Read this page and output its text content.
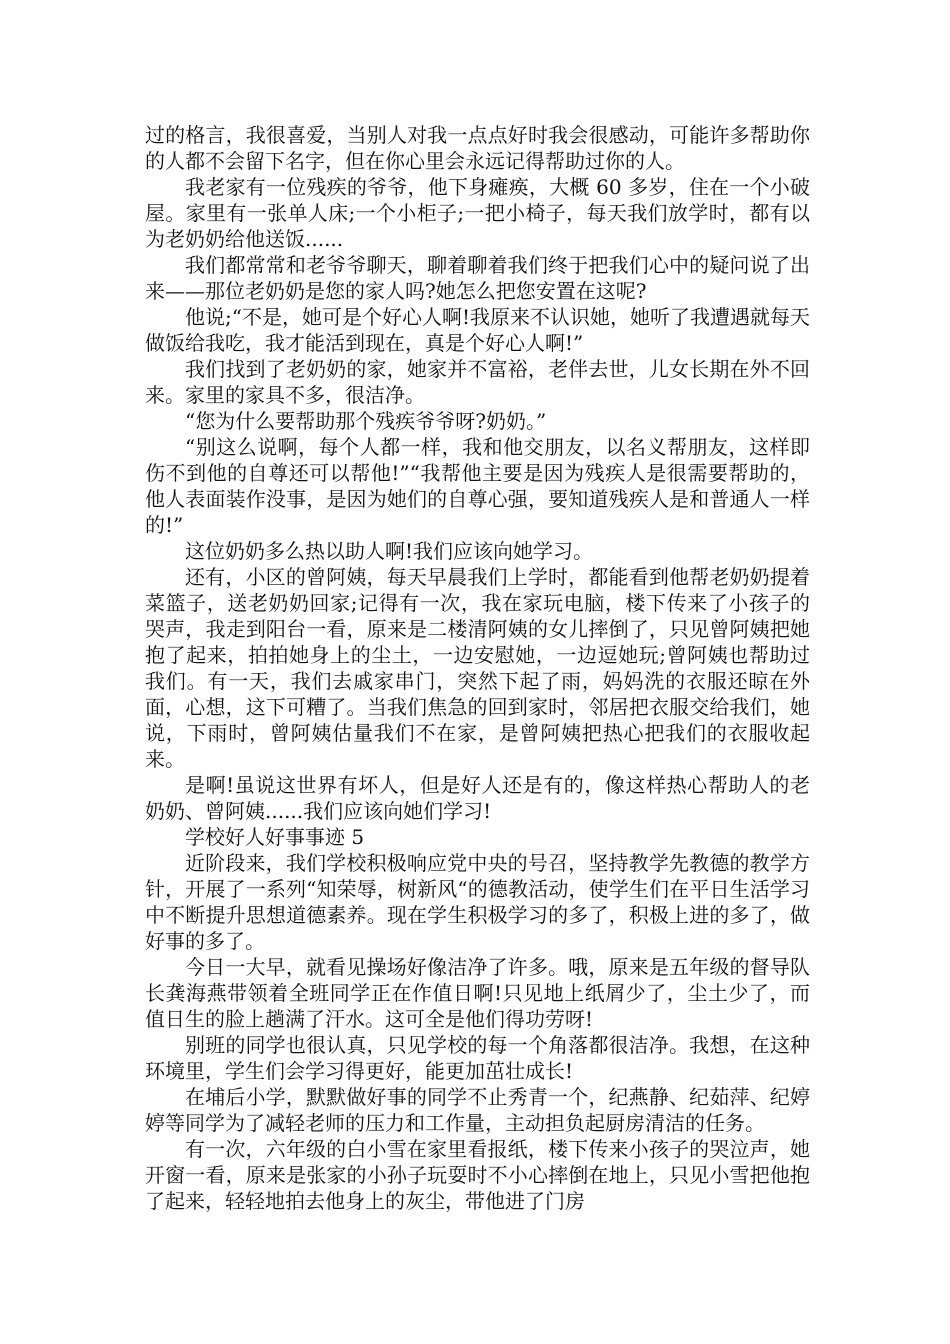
过的格言，我很喜爱，当别人对我一点点好时我会很感动，可能许多帮助你的人都不会留下名字，但在你心里会永远记得帮助过你的人。

我老家有一位残疾的爷爷，他下身瘫痪，大概 60 多岁，住在一个小破屋。家里有一张单人床;一个小柜子;一把小椅子，每天我们放学时，都有以为老奶奶给他送饭......

我们都常常和老爷爷聊天，聊着聊着我们终于把我们心中的疑问说了出来——那位老奶奶是您的家人吗?她怎么把您安置在这呢?

他说;“不是，她可是个好心人啊!我原来不认识她，她听了我遭遇就每天做饭给我吃，我才能活到现在，真是个好心人啊!”

我们找到了老奶奶的家，她家并不富裕，老伴去世，儿女长期在外不回来。家里的家具不多，很洁净。

“您为什么要帮助那个残疾爷爷呀?奶奶。”

“别这么说啊，每个人都一样，我和他交朋友，以名义帮朋友，这样即伤不到他的自尊还可以帮他!”“我帮他主要是因为残疾人是很需要帮助的，他人表面装作没事，是因为她们的自尊心强，要知道残疾人是和普通人一样的!”

这位奶奶多么热以助人啊!我们应该向她学习。

还有，小区的曾阿姨，每天早晨我们上学时，都能看到他帮老奶奶提着菜篮子，送老奶奶回家;记得有一次，我在家玩电脑，楼下传来了小孩子的哭声，我走到阳台一看，原来是二楼清阿姨的女儿摔倒了，只见曾阿姨把她抱了起来，拍拍她身上的尘土，一边安慰她，一边逗她玩;曾阿姨也帮助过我们。有一天，我们去戚家串门，突然下起了雨，妈妈洗的衣服还晾在外面，心想，这下可糟了。当我们焦急的回到家时，邻居把衣服交给我们，她说，下雨时，曾阿姨估量我们不在家，是曾阿姨把热心把我们的衣服收起来。

是啊!虽说这世界有坏人，但是好人还是有的，像这样热心帮助人的老奶奶、曾阿姨......我们应该向她们学习!

学校好人好事事迹 5

近阶段来，我们学校积极响应党中央的号召，坚持教学先教德的教学方针，开展了一系列“知荣辱，树新风“的德教活动，使学生们在平日生活学习中不断提升思想道德素养。现在学生积极学习的多了，积极上进的多了，做好事的多了。

今日一大早，就看见操场好像洁净了许多。哦，原来是五年级的督导队长龚海燕带领着全班同学正在作值日啊!只见地上纸屑少了，尘土少了，而值日生的脸上趟满了汗水。这可全是他们得功劳呀!

别班的同学也很认真，只见学校的每一个角落都很洁净。我想，在这种环境里，学生们会学习得更好，能更加茁壮成长!

在埔后小学，默默做好事的同学不止秀青一个，纪燕静、纪茹萍、纪婷婷等同学为了减轻老师的压力和工作量，主动担负起厨房清洁的任务。

有一次，六年级的白小雪在家里看报纸，楼下传来小孩子的哭泣声，她开窗一看，原来是张家的小孙子玩耍时不小心摔倒在地上，只见小雪把他抱了起来，轻轻地拍去他身上的灰尘，带他进了门房
